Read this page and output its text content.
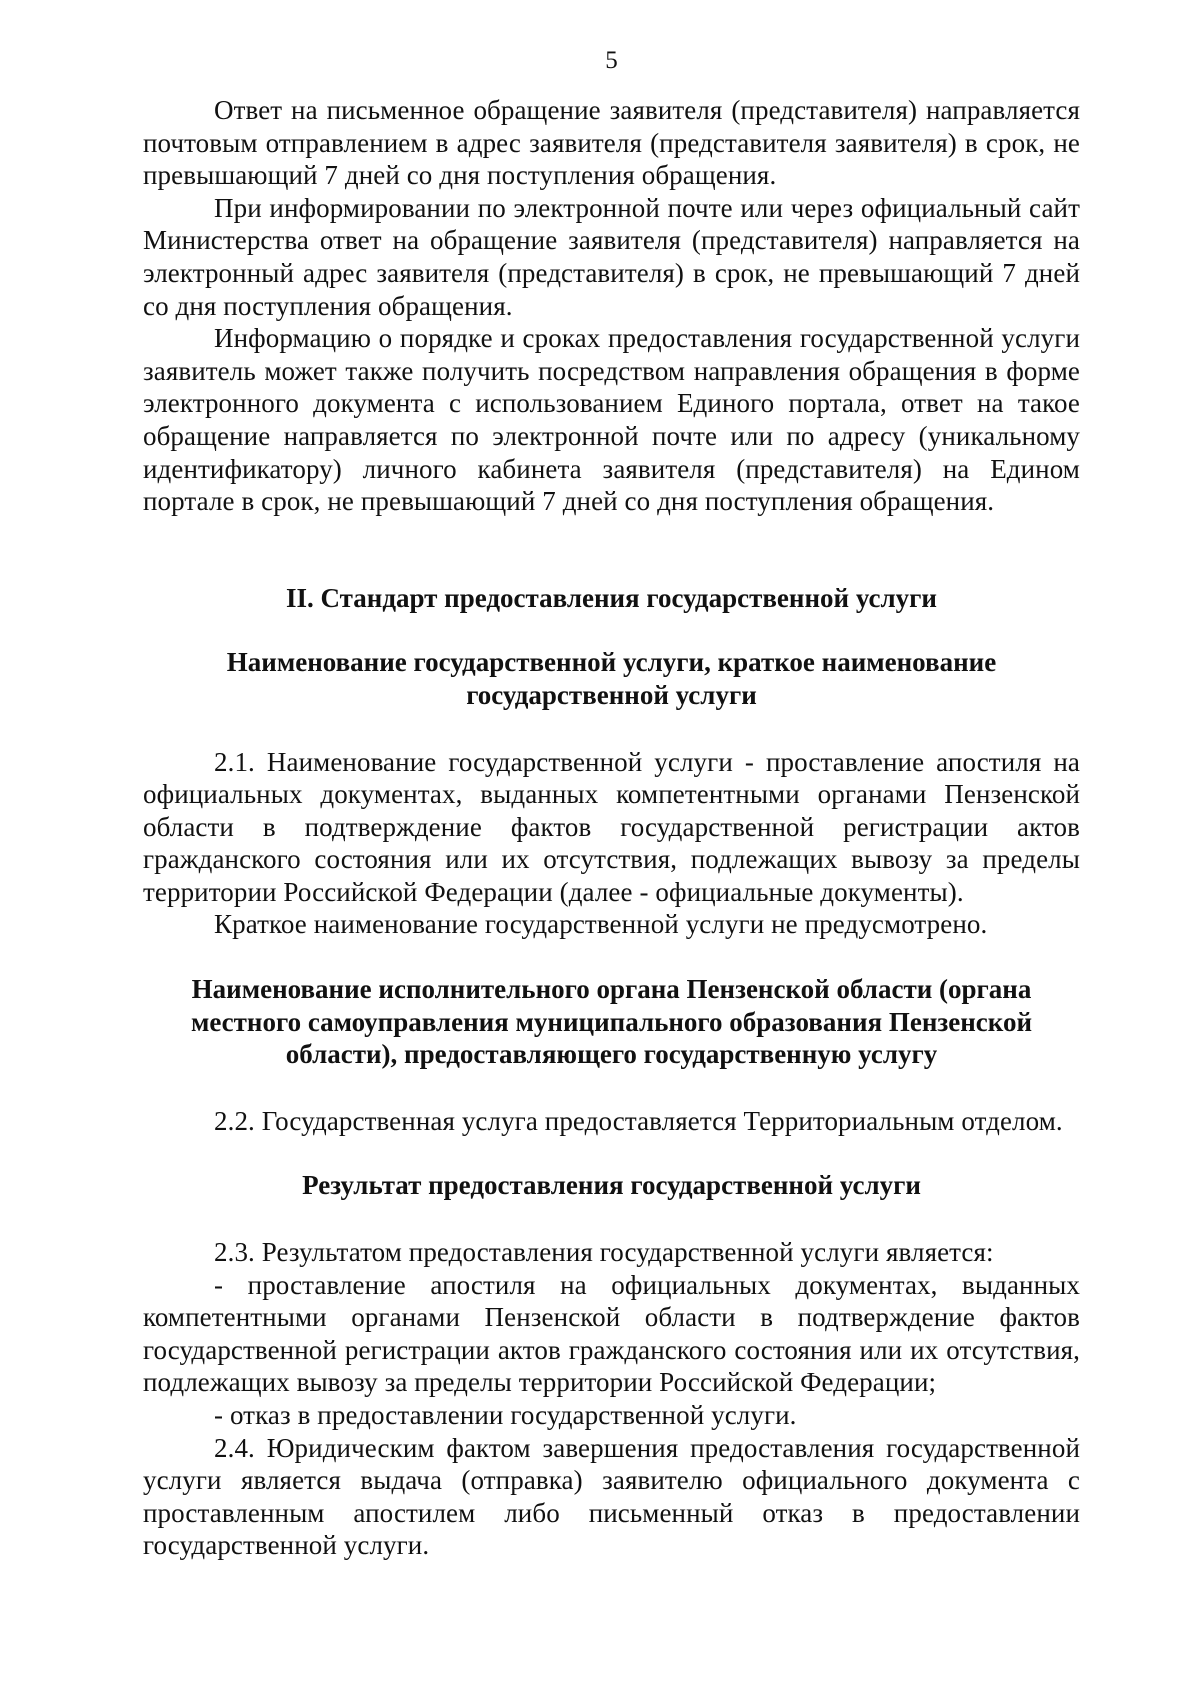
5

Ответ на письменное обращение заявителя (представителя) направляется почтовым отправлением в адрес заявителя (представителя заявителя) в срок, не превышающий 7 дней со дня поступления обращения.

При информировании по электронной почте или через официальный сайт Министерства ответ на обращение заявителя (представителя) направляется на электронный адрес заявителя (представителя) в срок, не превышающий 7 дней со дня поступления обращения.

Информацию о порядке и сроках предоставления государственной услуги заявитель может также получить посредством направления обращения в форме электронного документа с использованием Единого портала, ответ на такое обращение направляется по электронной почте или по адресу (уникальному идентификатору) личного кабинета заявителя (представителя) на Едином портале в срок, не превышающий 7 дней со дня поступления обращения.

II. Стандарт предоставления государственной услуги
Наименование государственной услуги, краткое наименование государственной услуги

2.1. Наименование государственной услуги - проставление апостиля на официальных документах, выданных компетентными органами Пензенской области в подтверждение фактов государственной регистрации актов гражданского состояния или их отсутствия, подлежащих вывозу за пределы территории Российской Федерации (далее - официальные документы).

Краткое наименование государственной услуги не предусмотрено.

Наименование исполнительного органа Пензенской области (органа местного самоуправления муниципального образования Пензенской области), предоставляющего государственную услугу

2.2. Государственная услуга предоставляется Территориальным отделом.

Результат предоставления государственной услуги

2.3. Результатом предоставления государственной услуги является:

- проставление апостиля на официальных документах, выданных компетентными органами Пензенской области в подтверждение фактов государственной регистрации актов гражданского состояния или их отсутствия, подлежащих вывозу за пределы территории Российской Федерации;

- отказ в предоставлении государственной услуги.

2.4. Юридическим фактом завершения предоставления государственной услуги является выдача (отправка) заявителю официального документа с проставленным апостилем либо письменный отказ в предоставлении государственной услуги.
